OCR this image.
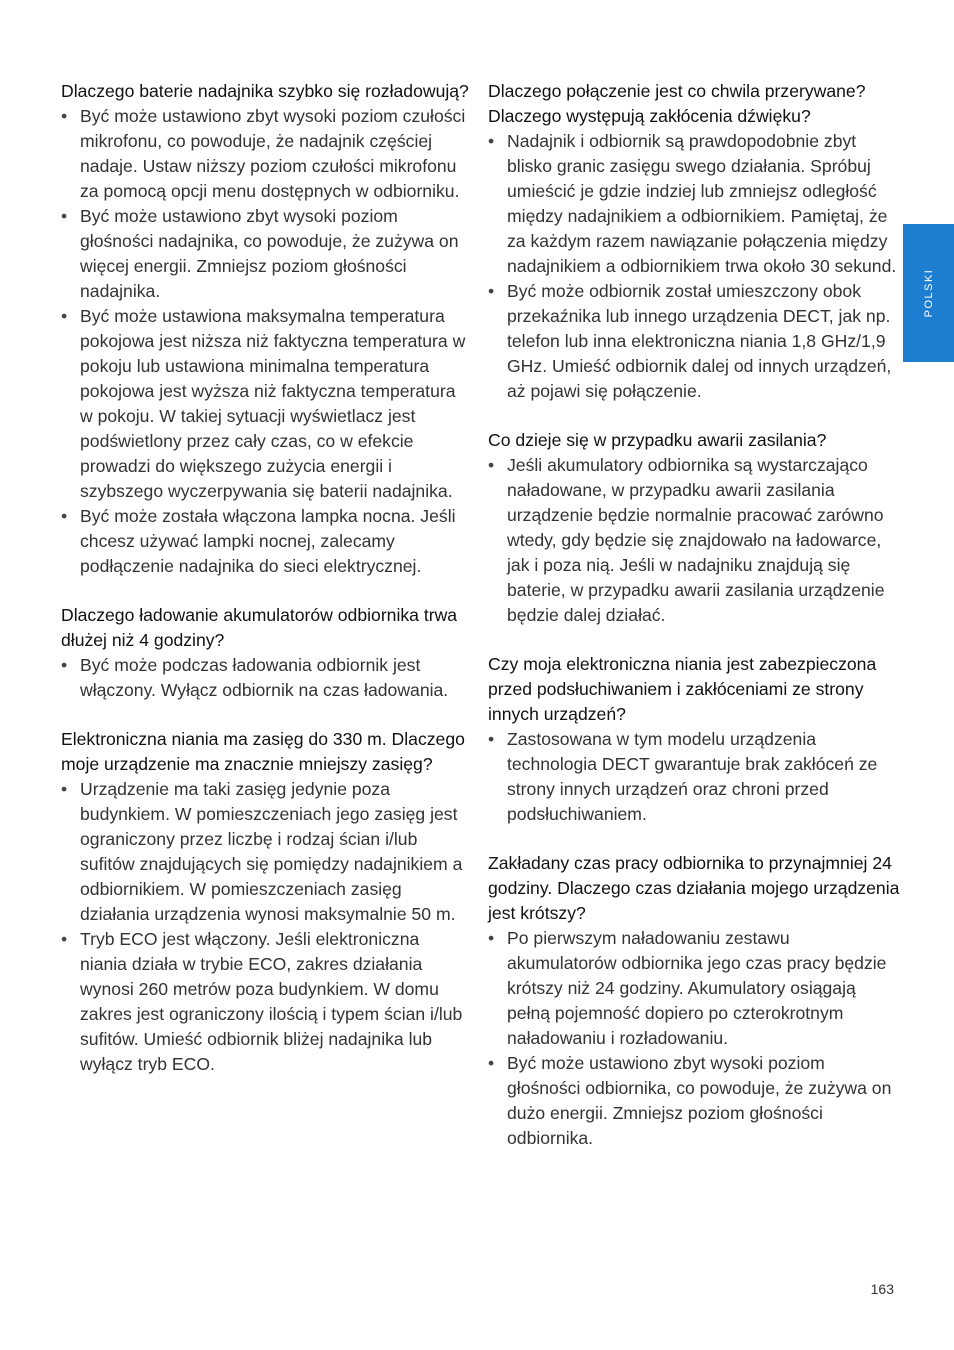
Dlaczego baterie nadajnika szybko się rozładowują?
• Być może ustawiono zbyt wysoki poziom czułości mikrofonu, co powoduje, że nadajnik częściej nadaje. Ustaw niższy poziom czułości mikrofonu za pomocą opcji menu dostępnych w odbiorniku.
• Być może ustawiono zbyt wysoki poziom głośności nadajnika, co powoduje, że zużywa on więcej energii. Zmniejsz poziom głośności nadajnika.
• Być może ustawiona maksymalna temperatura pokojowa jest niższa niż faktyczna temperatura w pokoju lub ustawiona minimalna temperatura pokojowa jest wyższa niż faktyczna temperatura w pokoju. W takiej sytuacji wyświetlacz jest podświetlony przez cały czas, co w efekcie prowadzi do większego zużycia energii i szybszego wyczerpywania się baterii nadajnika.
• Być może została włączona lampka nocna. Jeśli chcesz używać lampki nocnej, zalecamy podłączenie nadajnika do sieci elektrycznej.
Dlaczego ładowanie akumulatorów odbiornika trwa dłużej niż 4 godziny?
• Być może podczas ładowania odbiornik jest włączony. Wyłącz odbiornik na czas ładowania.
Elektroniczna niania ma zasięg do 330 m. Dlaczego moje urządzenie ma znacznie mniejszy zasięg?
• Urządzenie ma taki zasięg jedynie poza budynkiem. W pomieszczeniach jego zasięg jest ograniczony przez liczbę i rodzaj ścian i/lub sufitów znajdujących się pomiędzy nadajnikiem a odbiornikiem. W pomieszczeniach zasięg działania urządzenia wynosi maksymalnie 50 m.
• Tryb ECO jest włączony. Jeśli elektroniczna niania działa w trybie ECO, zakres działania wynosi 260 metrów poza budynkiem. W domu zakres jest ograniczony ilością i typem ścian i/lub sufitów. Umieść odbiornik bliżej nadajnika lub wyłącz tryb ECO.
Dlaczego połączenie jest co chwila przerywane? Dlaczego występują zakłócenia dźwięku?
• Nadajnik i odbiornik są prawdopodobnie zbyt blisko granic zasięgu swego działania. Spróbuj umieścić je gdzie indziej lub zmniejsz odległość między nadajnikiem a odbiornikiem. Pamiętaj, że za każdym razem nawiązanie połączenia między nadajnikiem a odbiornikiem trwa około 30 sekund.
• Być może odbiornik został umieszczony obok przekaźnika lub innego urządzenia DECT, jak np. telefon lub inna elektroniczna niania 1,8 GHz/1,9 GHz. Umieść odbiornik dalej od innych urządzeń, aż pojawi się połączenie.
Co dzieje się w przypadku awarii zasilania?
• Jeśli akumulatory odbiornika są wystarczająco naładowane, w przypadku awarii zasilania urządzenie będzie normalnie pracować zarówno wtedy, gdy będzie się znajdowało na ładowarce, jak i poza nią. Jeśli w nadajniku znajdują się baterie, w przypadku awarii zasilania urządzenie będzie dalej działać.
Czy moja elektroniczna niania jest zabezpieczona przed podsłuchiwaniem i zakłóceniami ze strony innych urządzeń?
• Zastosowana w tym modelu urządzenia technologia DECT gwarantuje brak zakłóceń ze strony innych urządzeń oraz chroni przed podsłuchiwaniem.
Zakładany czas pracy odbiornika to przynajmniej 24 godziny. Dlaczego czas działania mojego urządzenia jest krótszy?
• Po pierwszym naładowaniu zestawu akumulatorów odbiornika jego czas pracy będzie krótszy niż 24 godziny. Akumulatory osiągają pełną pojemność dopiero po czterokrotnym naładowaniu i rozładowaniu.
• Być może ustawiono zbyt wysoki poziom głośności odbiornika, co powoduje, że zużywa on dużo energii. Zmniejsz poziom głośności odbiornika.
POLSKI
163
